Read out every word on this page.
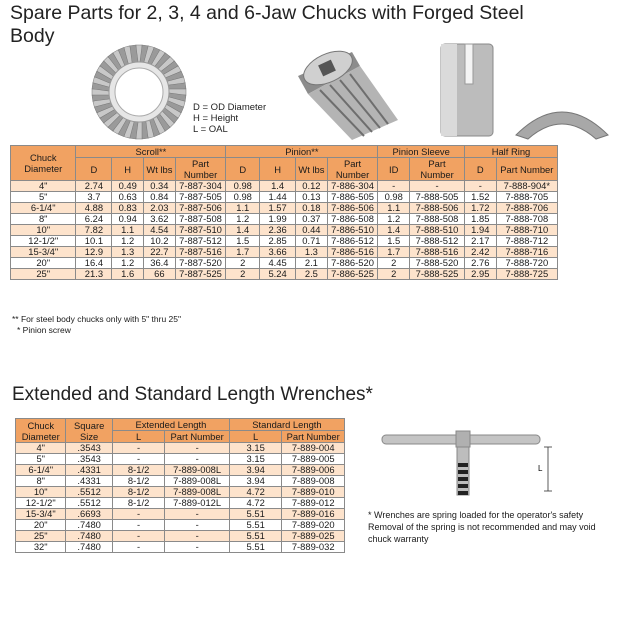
Spare Parts for 2, 3, 4 and 6-Jaw Chucks with Forged Steel Body
D = OD Diameter
H = Height
L = OAL
Chuck Diameter	Scroll**				Pinion**				Pinion Sleeve		Half Ring	
	D	H	Wt lbs	Part Number	D	H	Wt lbs	Part Number	ID	Part Number	D	Part Number
4"	2.74	0.49	0.34	7-887-304	0.98	1.4	0.12	7-886-304	-	-	-	7-888-904*
5"	3.7	0.63	0.84	7-887-505	0.98	1.44	0.13	7-886-505	0.98	7-888-505	1.52	7-888-705
6-1/4"	4.88	0.83	2.03	7-887-506	1.1	1.57	0.18	7-886-506	1.1	7-888-506	1.72	7-888-706
8"	6.24	0.94	3.62	7-887-508	1.2	1.99	0.37	7-886-508	1.2	7-888-508	1.85	7-888-708
10"	7.82	1.1	4.54	7-887-510	1.4	2.36	0.44	7-886-510	1.4	7-888-510	1.94	7-888-710
12-1/2"	10.1	1.2	10.2	7-887-512	1.5	2.85	0.71	7-886-512	1.5	7-888-512	2.17	7-888-712
15-3/4"	12.9	1.3	22.7	7-887-516	1.7	3.66	1.3	7-886-516	1.7	7-888-516	2.42	7-888-716
20"	16.4	1.2	36.4	7-887-520	2	4.45	2.1	7-886-520	2	7-888-520	2.76	7-888-720
25"	21.3	1.6	66	7-887-525	2	5.24	2.5	7-886-525	2	7-888-525	2.95	7-888-725
** For steel body chucks only with 5" thru 25"
* Pinion screw
Extended and Standard Length Wrenches*
Chuck Diameter	Square Size	Extended Length		Standard Length	
		L	Part Number	L	Part Number
4"	.3543	-	-	3.15	7-889-004
5"	.3543	-	-	3.15	7-889-005
6-1/4"	.4331	8-1/2	7-889-008L	3.94	7-889-006
8"	.4331	8-1/2	7-889-008L	3.94	7-889-008
10"	.5512	8-1/2	7-889-008L	4.72	7-889-010
12-1/2"	.5512	8-1/2	7-889-012L	4.72	7-889-012
15-3/4"	.6693	-	-	5.51	7-889-016
20"	.7480	-	-	5.51	7-889-020
25"	.7480	-	-	5.51	7-889-025
32"	.7480	-	-	5.51	7-889-032
L
* Wrenches are spring loaded for the operator's safety
Removal of the spring is not recommended and may void chuck warranty
